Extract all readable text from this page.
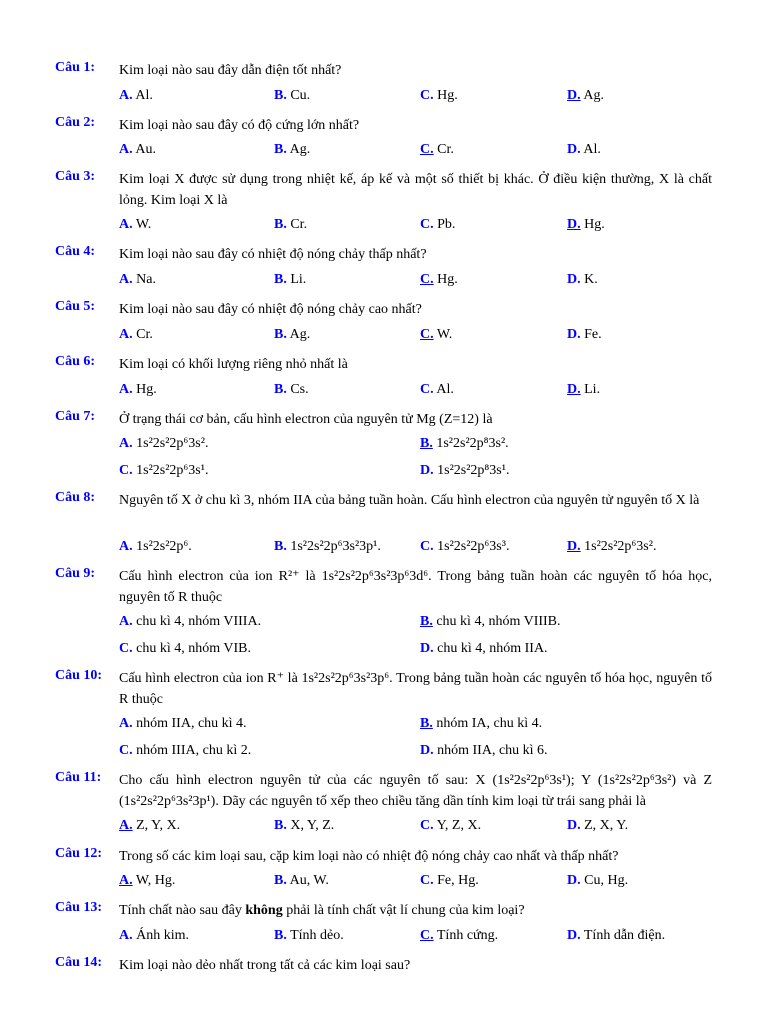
Câu 1: Kim loại nào sau đây dẫn điện tốt nhất?
A. Al.	B. Cu.	C. Hg.	D. Ag.
Câu 2: Kim loại nào sau đây có độ cứng lớn nhất?
A. Au.	B. Ag.	C. Cr.	D. Al.
Câu 3: Kim loại X được sử dụng trong nhiệt kế, áp kế và một số thiết bị khác. Ở điều kiện thường, X là chất lỏng. Kim loại X là
A. W.	B. Cr.	C. Pb.	D. Hg.
Câu 4: Kim loại nào sau đây có nhiệt độ nóng chảy thấp nhất?
A. Na.	B. Li.	C. Hg.	D. K.
Câu 5: Kim loại nào sau đây có nhiệt độ nóng chảy cao nhất?
A. Cr.	B. Ag.	C. W.	D. Fe.
Câu 6: Kim loại có khối lượng riêng nhỏ nhất là
A. Hg.	B. Cs.	C. Al.	D. Li.
Câu 7: Ở trạng thái cơ bản, cấu hình electron của nguyên tử Mg (Z=12) là
A. 1s²2s²2p⁶3s².	B. 1s²2s²2p⁸3s².
C. 1s²2s²2p⁶3s¹.	D. 1s²2s²2p⁸3s¹.
Câu 8: Nguyên tố X ở chu kì 3, nhóm IIA của bảng tuần hoàn. Cấu hình electron của nguyên tử nguyên tố X là
A. 1s²2s²2p⁶.	B. 1s²2s²2p⁶3s²3p¹.	C. 1s²2s²2p⁶3s³.	D. 1s²2s²2p⁶3s².
Câu 9: Cấu hình electron của ion R²⁺ là 1s²2s²2p⁶3s²3p⁶3d⁶. Trong bảng tuần hoàn các nguyên tố hóa học, nguyên tố R thuộc
A. chu kì 4, nhóm VIIIA.	B. chu kì 4, nhóm VIIIB.
C. chu kì 4, nhóm VIB.	D. chu kì 4, nhóm IIA.
Câu 10: Cấu hình electron của ion R⁺ là 1s²2s²2p⁶3s²3p⁶. Trong bảng tuần hoàn các nguyên tố hóa học, nguyên tố R thuộc
A. nhóm IIA, chu kì 4.	B. nhóm IA, chu kì 4.
C. nhóm IIIA, chu kì 2.	D. nhóm IIA, chu kì 6.
Câu 11: Cho cấu hình electron nguyên tử của các nguyên tố sau: X (1s²2s²2p⁶3s¹); Y (1s²2s²2p⁶3s²) và Z (1s²2s²2p⁶3s²3p¹). Dãy các nguyên tố xếp theo chiều tăng dần tính kim loại từ trái sang phải là
A. Z, Y, X.	B. X, Y, Z.	C. Y, Z, X.	D. Z, X, Y.
Câu 12: Trong số các kim loại sau, cặp kim loại nào có nhiệt độ nóng chảy cao nhất và thấp nhất?
A. W, Hg.	B. Au, W.	C. Fe, Hg.	D. Cu, Hg.
Câu 13: Tính chất nào sau đây không phải là tính chất vật lí chung của kim loại?
A. Ánh kim.	B. Tính dẻo.	C. Tính cứng.	D. Tính dẫn điện.
Câu 14: Kim loại nào dẻo nhất trong tất cả các kim loại sau?
